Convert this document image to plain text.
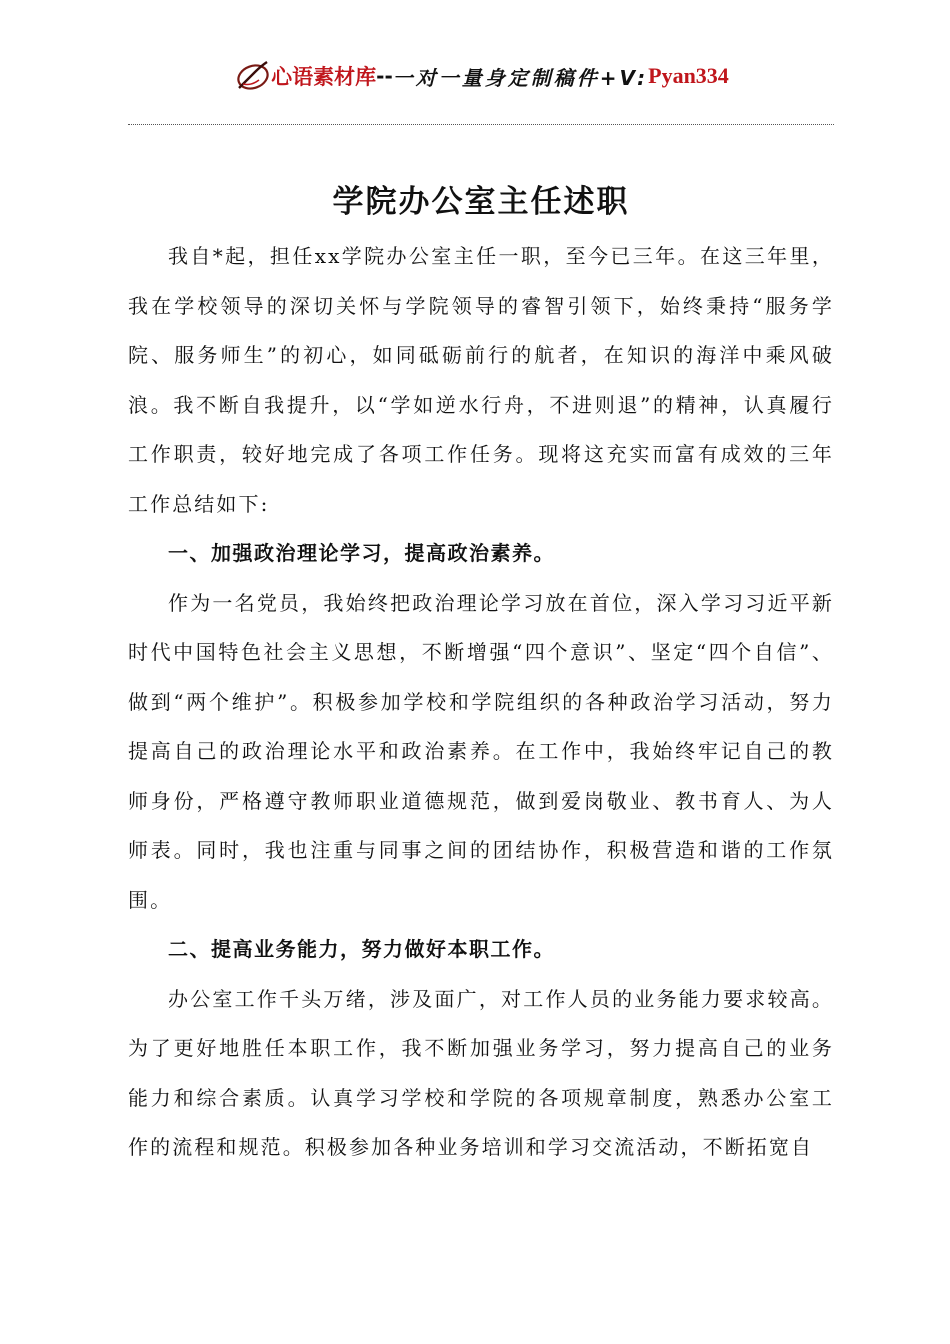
心语素材库--一对一量身定制稿件+V:Pyan334
学院办公室主任述职

我自*起，担任xx学院办公室主任一职，至今已三年。在这三年里，我在学校领导的深切关怀与学院领导的睿智引领下，始终秉持“服务学院、服务师生”的初心，如同砥砺前行的航者，在知识的海洋中乘风破浪。我不断自我提升，以“学如逆水行舟，不进则退”的精神，认真履行工作职责，较好地完成了各项工作任务。现将这充实而富有成效的三年工作总结如下:

一、加强政治理论学习，提高政治素养。

作为一名党员，我始终把政治理论学习放在首位，深入学习习近平新时代中国特色社会主义思想，不断增强“四个意识”、坚定“四个自信”、做到“两个维护”。积极参加学校和学院组织的各种政治学习活动，努力提高自己的政治理论水平和政治素养。在工作中，我始终牢记自己的教师身份，严格遵守教师职业道德规范，做到爱岗敬业、教书育人、为人师表。同时，我也注重与同事之间的团结协作，积极营造和谐的工作氛围。

二、提高业务能力，努力做好本职工作。

办公室工作千头万绪，涉及面广，对工作人员的业务能力要求较高。为了更好地胜任本职工作，我不断加强业务学习，努力提高自己的业务能力和综合素质。认真学习学校和学院的各项规章制度，熟悉办公室工作的流程和规范。积极参加各种业务培训和学习交流活动，不断拓宽自
